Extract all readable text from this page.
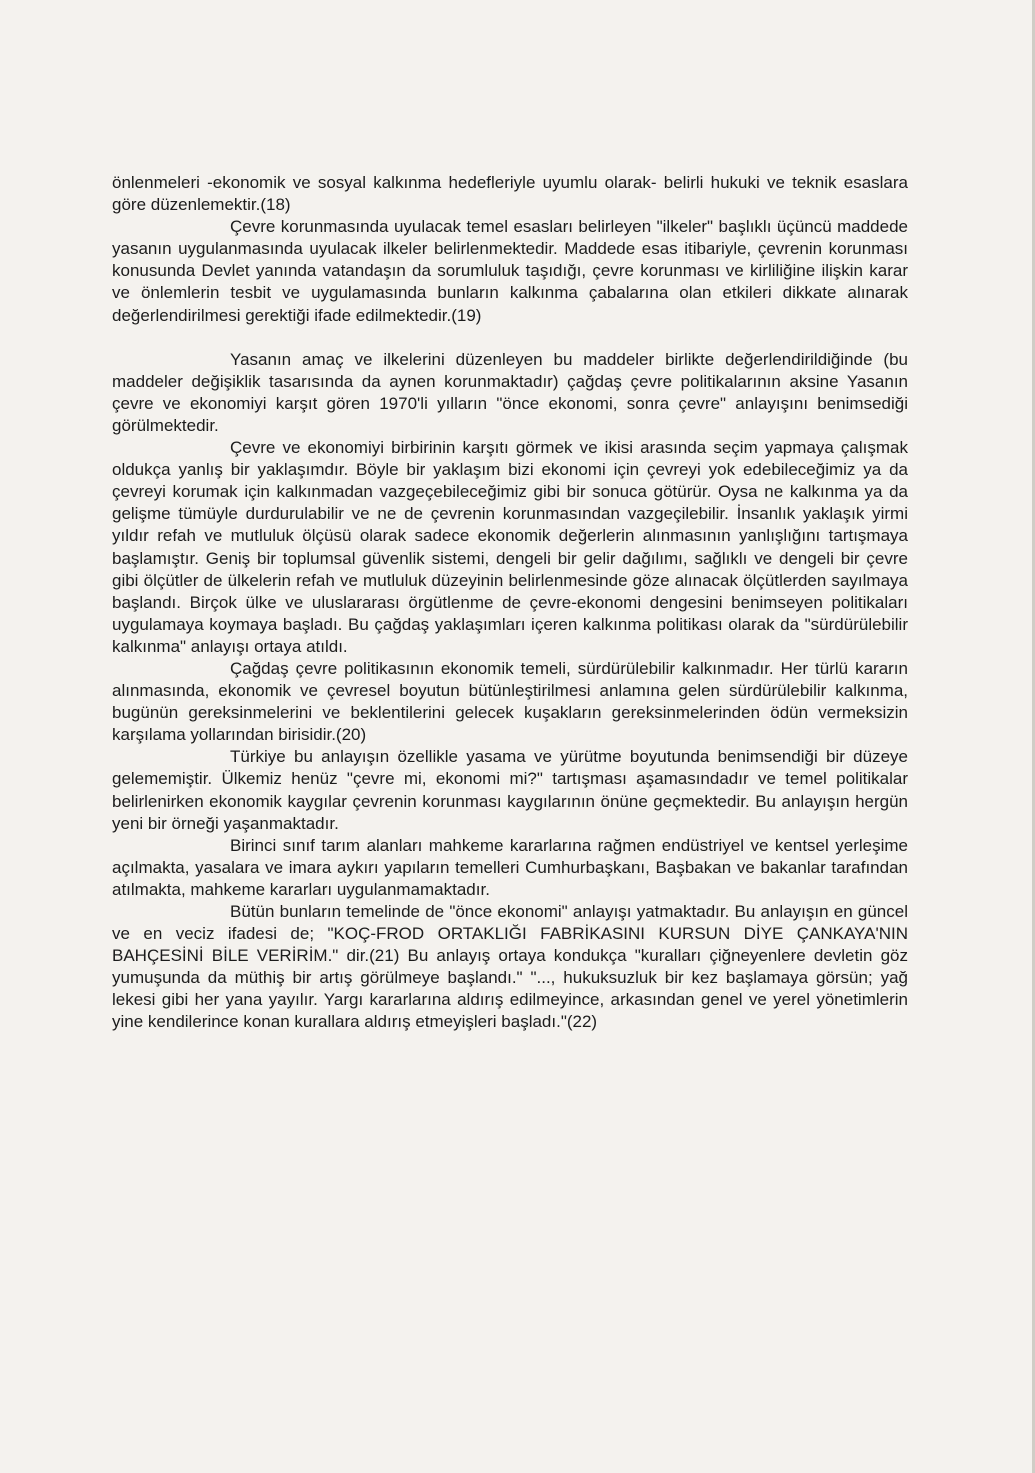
önlenmeleri -ekonomik ve sosyal kalkınma hedefleriyle uyumlu olarak- belirli hukuki ve teknik esaslara göre düzenlemektir.(18)

Çevre korunmasında uyulacak temel esasları belirleyen "ilkeler" başlıklı üçüncü maddede yasanın uygulanmasında uyulacak ilkeler belirlenmektedir. Maddede esas itibariyle, çevrenin korunması konusunda Devlet yanında vatandaşın da sorumluluk taşıdığı, çevre korunması ve kirliliğine ilişkin karar ve önlemlerin tesbit ve uygulamasında bunların kalkınma çabalarına olan etkileri dikkate alınarak değerlendirilmesi gerektiği ifade edilmektedir.(19)

Yasanın amaç ve ilkelerini düzenleyen bu maddeler birlikte değerlendirildiğinde (bu maddeler değişiklik tasarısında da aynen korunmaktadır) çağdaş çevre politikalarının aksine Yasanın çevre ve ekonomiyi karşıt gören 1970'li yılların "önce ekonomi, sonra çevre" anlayışını benimsediği görülmektedir.

Çevre ve ekonomiyi birbirinin karşıtı görmek ve ikisi arasında seçim yapmaya çalışmak oldukça yanlış bir yaklaşımdır. Böyle bir yaklaşım bizi ekonomi için çevreyi yok edebileceğimiz ya da çevreyi korumak için kalkınmadan vazgeçebileceğimiz gibi bir sonuca götürür. Oysa ne kalkınma ya da gelişme tümüyle durdurulabilir ve ne de çevrenin korunmasından vazgeçilebilir. İnsanlık yaklaşık yirmi yıldır refah ve mutluluk ölçüsü olarak sadece ekonomik değerlerin alınmasının yanlışlığını tartışmaya başlamıştır. Geniş bir toplumsal güvenlik sistemi, dengeli bir gelir dağılımı, sağlıklı ve dengeli bir çevre gibi ölçütler de ülkelerin refah ve mutluluk düzeyinin belirlenmesinde göze alınacak ölçütlerden sayılmaya başlandı. Birçok ülke ve uluslararası örgütlenme de çevre-ekonomi dengesini benimseyen politikaları uygulamaya koymaya başladı. Bu çağdaş yaklaşımları içeren kalkınma politikası olarak da "sürdürülebilir kalkınma" anlayışı ortaya atıldı.

Çağdaş çevre politikasının ekonomik temeli, sürdürülebilir kalkınmadır. Her türlü kararın alınmasında, ekonomik ve çevresel boyutun bütünleştirilmesi anlamına gelen sürdürülebilir kalkınma, bugünün gereksinmelerini ve beklentilerini gelecek kuşakların gereksinmelerinden ödün vermeksizin karşılama yollarından birisidir.(20)

Türkiye bu anlayışın özellikle yasama ve yürütme boyutunda benimsendiği bir düzeye gelememiştir. Ülkemiz henüz "çevre mi, ekonomi mi?" tartışması aşamasındadır ve temel politikalar belirlenirken ekonomik kaygılar çevrenin korunması kaygılarının önüne geçmektedir. Bu anlayışın hergün yeni bir örneği yaşanmaktadır.

Birinci sınıf tarım alanları mahkeme kararlarına rağmen endüstriyel ve kentsel yerleşime açılmakta, yasalara ve imara aykırı yapıların temelleri Cumhurbaşkanı, Başbakan ve bakanlar tarafından atılmakta, mahkeme kararları uygulanmamaktadır.

Bütün bunların temelinde de "önce ekonomi" anlayışı yatmaktadır. Bu anlayışın en güncel ve en veciz ifadesi de; "KOÇ-FROD ORTAKLIĞI FABRİKASINI KURSUN DİYE ÇANKAYA'NIN BAHÇESİNİ BİLE VERİRİM." dir.(21) Bu anlayış ortaya kondukça "kuralları çiğneyenlere devletin göz yumuşunda da müthiş bir artış görülmeye başlandı." "..., hukuksuzluk bir kez başlamaya görsün; yağ lekesi gibi her yana yayılır. Yargı kararlarına aldırış edilmeyince, arkasından genel ve yerel yönetimlerin yine kendilerince konan kurallara aldırış etmeyişleri başladı."(22)
